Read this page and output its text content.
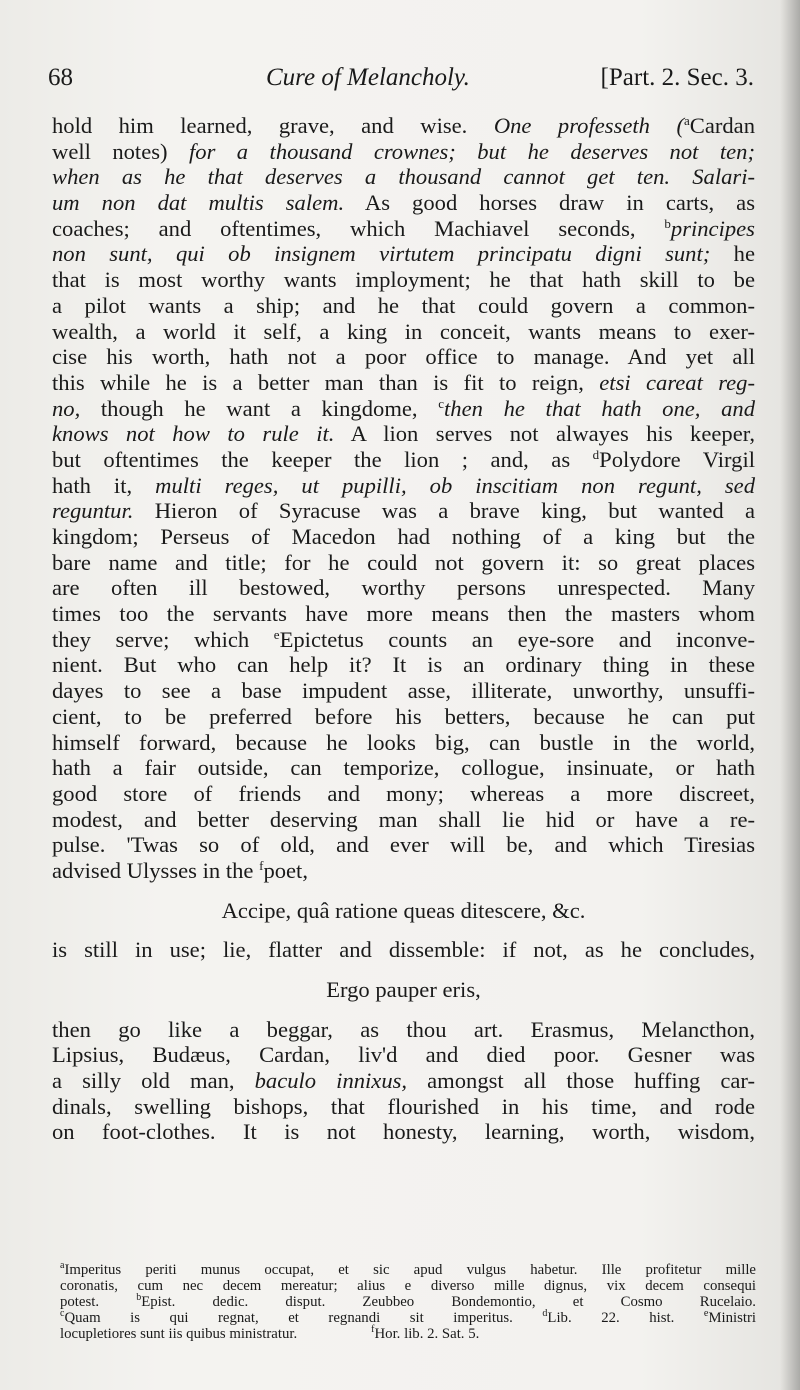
68	Cure of Melancholy.	[Part. 2. Sec. 3.
hold him learned, grave, and wise. One professeth ($^a$Cardan
well notes) for a thousand crownes; but he deserves not ten;
when as he that deserves a thousand cannot get ten. Salari-
um non dat multis salem. As good horses draw in carts, as
coaches; and oftentimes, which Machiavel seconds, $^b$principes
non sunt, qui ob insignem virtutem principatu digni sunt; he
that is most worthy wants imployment; he that hath skill to be
a pilot wants a ship; and he that could govern a common-
wealth, a world it self, a king in conceit, wants means to exer-
cise his worth, hath not a poor office to manage. And yet all
this while he is a better man than is fit to reign, etsi careat reg-
no, though he want a kingdome, $^c$then he that hath one, and
knows not how to rule it. A lion serves not alwayes his keeper,
but oftentimes the keeper the lion ; and, as $^d$Polydore Virgil
hath it, multi reges, ut pupilli, ob inscitiam non regunt, sed
reguntur. Hieron of Syracuse was a brave king, but wanted a
kingdom; Perseus of Macedon had nothing of a king but the
bare name and title; for he could not govern it: so great places
are often ill bestowed, worthy persons unrespected. Many
times too the servants have more means then the masters whom
they serve; which $^e$Epictetus counts an eye-sore and inconve-
nient. But who can help it? It is an ordinary thing in these
dayes to see a base impudent asse, illiterate, unworthy, unsuffi-
cient, to be preferred before his betters, because he can put
himself forward, because he looks big, can bustle in the world,
hath a fair outside, can temporize, collogue, insinuate, or hath
good store of friends and mony; whereas a more discreet,
modest, and better deserving man shall lie hid or have a re-
pulse. 'Twas so of old, and ever will be, and which Tiresias
advised Ulysses in the $^f$poet,
Accipe, quâ ratione queas ditescere, &c.
is still in use; lie, flatter and dissemble: if not, as he concludes,
Ergo pauper eris,
then go like a beggar, as thou art. Erasmus, Melancthon,
Lipsius, Budæus, Cardan, liv'd and died poor. Gesner was
a silly old man, baculo innixus, amongst all those huffing car-
dinals, swelling bishops, that flourished in his time, and rode
on foot-clothes. It is not honesty, learning, worth, wisdom,
$^a$Imperitus periti munus occupat, et sic apud vulgus habetur. Ille profitetur mille
coronatis, cum nec decem mereatur; alius e diverso mille dignus, vix decem consequi
potest.	$^b$Epist. dedic. disput. Zeubbeo Bondemontio, et Cosmo Rucelaio.
$^c$Quam is qui regnat, et regnandi sit imperitus.	$^d$Lib. 22. hist.	$^e$Ministri
locupletiores sunt iis quibus ministratur.	$^f$Hor. lib. 2. Sat. 5.
